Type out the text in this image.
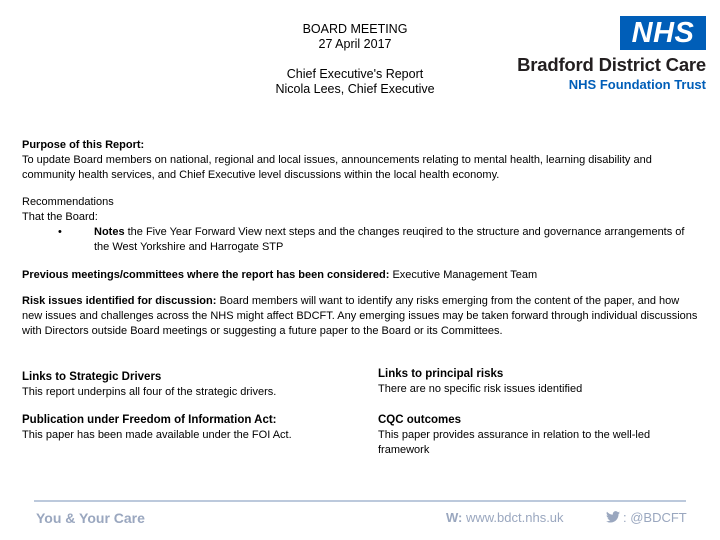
BOARD MEETING
27 April 2017
Chief Executive's Report
Nicola Lees, Chief Executive
NHS
Bradford District Care
NHS Foundation Trust
Purpose of this Report:
To update Board members on national, regional and local issues, announcements relating to mental health, learning disability and community health services, and Chief Executive level discussions within the local health economy.
Recommendations
That the Board:
•	Notes the Five Year Forward View next steps and the changes reuqired to the structure and governance arrangements of the West Yorkshire and Harrogate STP
Previous meetings/committees where the report has been considered: Executive Management Team
Risk issues identified for discussion: Board members will want to identify any risks emerging from the content of the paper, and how new issues and challenges across the NHS might affect BDCFT. Any emerging issues may be taken forward through individual discussions with Directors outside Board meetings or suggesting a future paper to the Board or its Committees.
Links to Strategic Drivers
This report underpins all four of the strategic drivers.
Links to principal risks
There are no specific risk issues identified
Publication under Freedom of Information Act:
This paper has been made available under the FOI Act.
CQC outcomes
This paper provides assurance in relation to the well-led framework
You & Your Care	W: www.bdct.nhs.uk	: @BDCFT
